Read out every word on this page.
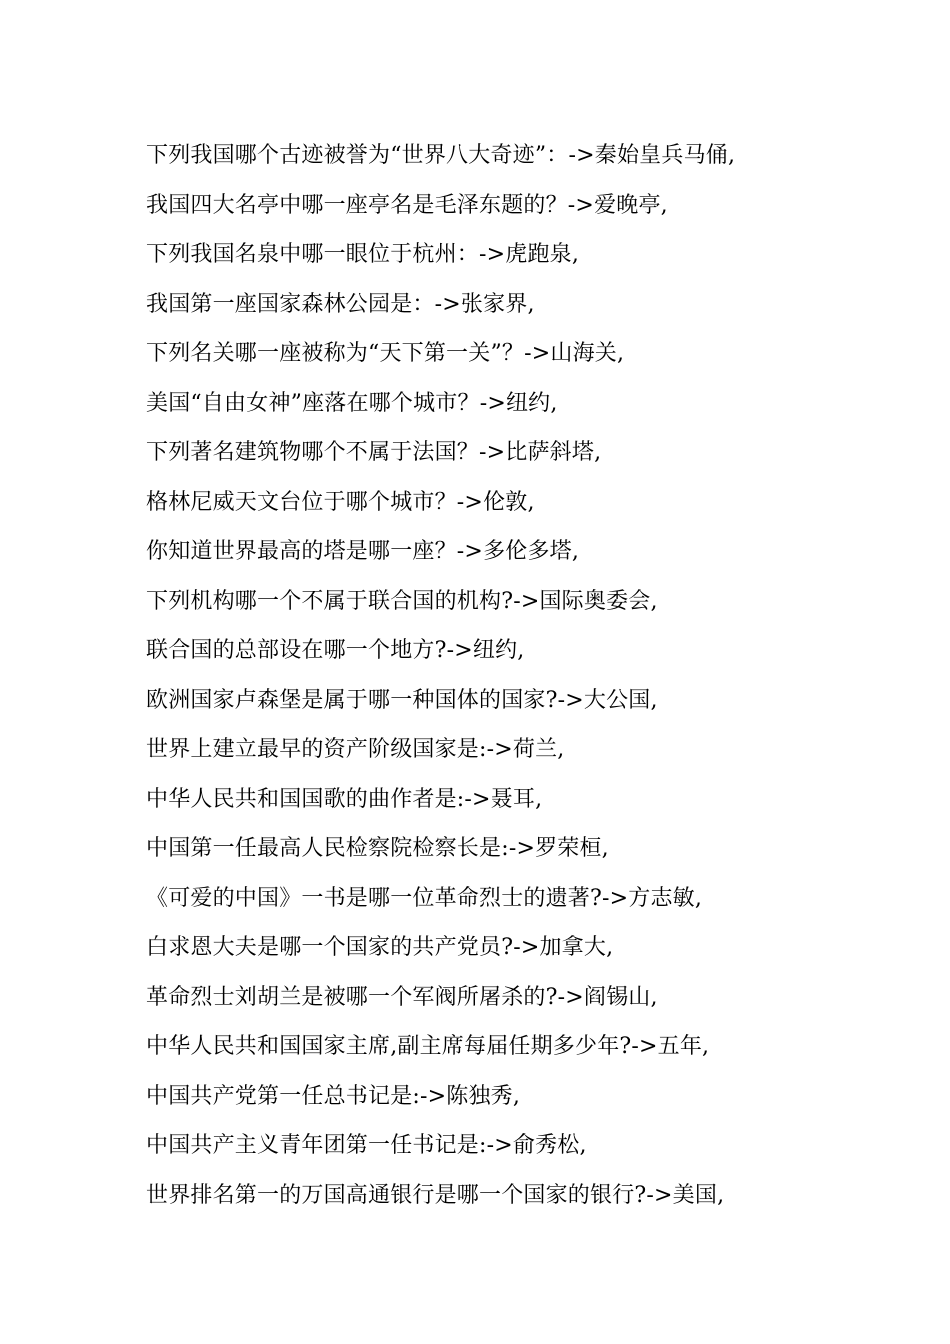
下列我国哪个古迹被誉为“世界八大奇迹”：->秦始皇兵马俑,
我国四大名亭中哪一座亭名是毛泽东题的？->爱晚亭,
下列我国名泉中哪一眼位于杭州：->虎跑泉,
我国第一座国家森林公园是：->张家界,
下列名关哪一座被称为“天下第一关”？->山海关,
美国“自由女神”座落在哪个城市？->纽约,
下列著名建筑物哪个不属于法国？->比萨斜塔,
格林尼威天文台位于哪个城市？->伦敦,
你知道世界最高的塔是哪一座？->多伦多塔,
下列机构哪一个不属于联合国的机构?->国际奥委会,
联合国的总部设在哪一个地方?->纽约,
欧洲国家卢森堡是属于哪一种国体的国家?->大公国,
世界上建立最早的资产阶级国家是:->荷兰,
中华人民共和国国歌的曲作者是:->聂耳,
中国第一任最高人民检察院检察长是:->罗荣桓,
《可爱的中国》一书是哪一位革命烈士的遗著?->方志敏,
白求恩大夫是哪一个国家的共产党员?->加拿大,
革命烈士刘胡兰是被哪一个军阀所屠杀的?->阎锡山,
中华人民共和国国家主席,副主席每届任期多少年?->五年,
中国共产党第一任总书记是:->陈独秀,
中国共产主义青年团第一任书记是:->俞秀松,
世界排名第一的万国高通银行是哪一个国家的银行?->美国,
